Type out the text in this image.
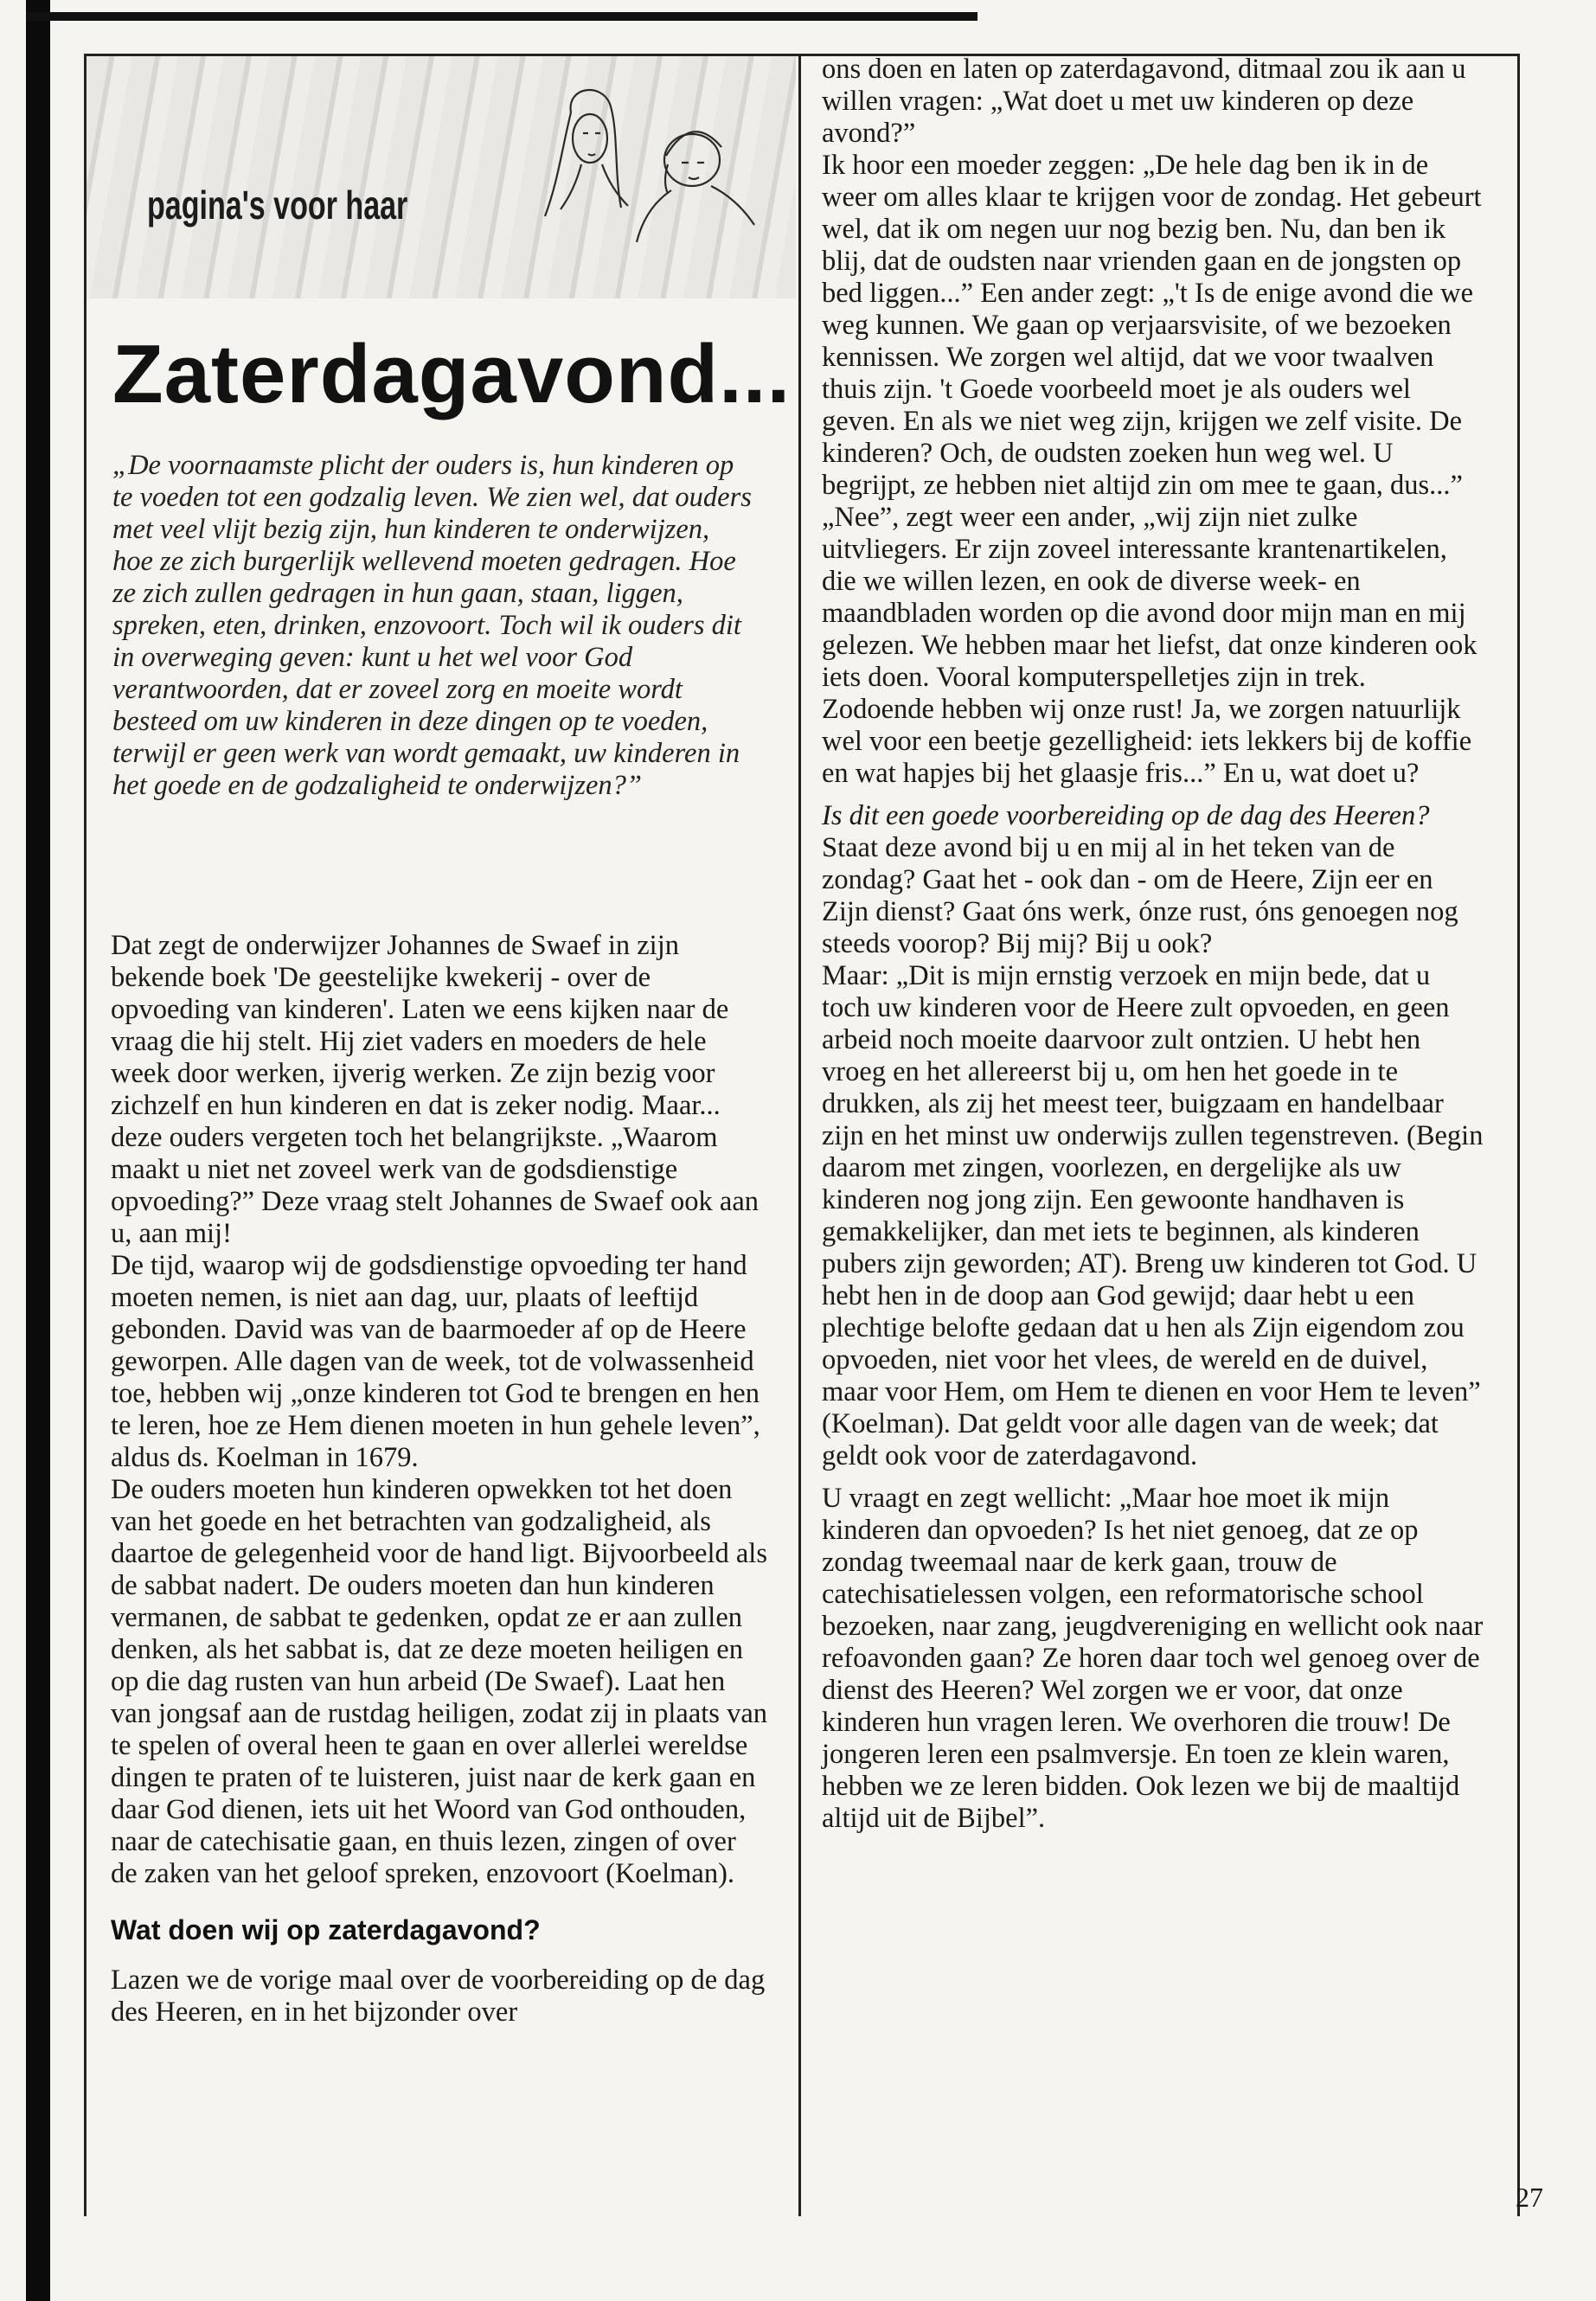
pagina's voor haar
Zaterdagavond...

„De voornaamste plicht der ouders is, hun kinderen op te voeden tot een godzalig leven. We zien wel, dat ouders met veel vlijt bezig zijn, hun kinderen te onderwijzen, hoe ze zich burgerlijk wellevend moeten gedragen. Hoe ze zich zullen gedragen in hun gaan, staan, liggen, spreken, eten, drinken, enzovoort. Toch wil ik ouders dit in overweging geven: kunt u het wel voor God verantwoorden, dat er zoveel zorg en moeite wordt besteed om uw kinderen in deze dingen op te voeden, terwijl er geen werk van wordt gemaakt, uw kinderen in het goede en de godzaligheid te onderwijzen?”

Dat zegt de onderwijzer Johannes de Swaef in zijn bekende boek 'De geestelijke kwekerij - over de opvoeding van kinderen'. Laten we eens kijken naar de vraag die hij stelt. Hij ziet vaders en moeders de hele week door werken, ijverig werken. Ze zijn bezig voor zichzelf en hun kinderen en dat is zeker nodig. Maar... deze ouders vergeten toch het belangrijkste. „Waarom maakt u niet net zoveel werk van de godsdienstige opvoeding?” Deze vraag stelt Johannes de Swaef ook aan u, aan mij!

De tijd, waarop wij de godsdienstige opvoeding ter hand moeten nemen, is niet aan dag, uur, plaats of leeftijd gebonden. David was van de baarmoeder af op de Heere geworpen. Alle dagen van de week, tot de volwassenheid toe, hebben wij „onze kinderen tot God te brengen en hen te leren, hoe ze Hem dienen moeten in hun gehele leven”, aldus ds. Koelman in 1679.

De ouders moeten hun kinderen opwekken tot het doen van het goede en het betrachten van godzaligheid, als daartoe de gelegenheid voor de hand ligt. Bijvoorbeeld als de sabbat nadert. De ouders moeten dan hun kinderen vermanen, de sabbat te gedenken, opdat ze er aan zullen denken, als het sabbat is, dat ze deze moeten heiligen en op die dag rusten van hun arbeid (De Swaef). Laat hen van jongsaf aan de rustdag heiligen, zodat zij in plaats van te spelen of overal heen te gaan en over allerlei wereldse dingen te praten of te luisteren, juist naar de kerk gaan en daar God dienen, iets uit het Woord van God onthouden, naar de catechisatie gaan, en thuis lezen, zingen of over de zaken van het geloof spreken, enzovoort (Koelman).

Wat doen wij op zaterdagavond?

Lazen we de vorige maal over de voorbereiding op de dag des Heeren, en in het bijzonder over

ons doen en laten op zaterdagavond, ditmaal zou ik aan u willen vragen: „Wat doet u met uw kinderen op deze avond?”

Ik hoor een moeder zeggen: „De hele dag ben ik in de weer om alles klaar te krijgen voor de zondag. Het gebeurt wel, dat ik om negen uur nog bezig ben. Nu, dan ben ik blij, dat de oudsten naar vrienden gaan en de jongsten op bed liggen...” Een ander zegt: „'t Is de enige avond die we weg kunnen. We gaan op verjaarsvisite, of we bezoeken kennissen. We zorgen wel altijd, dat we voor twaalven thuis zijn. 't Goede voorbeeld moet je als ouders wel geven. En als we niet weg zijn, krijgen we zelf visite. De kinderen? Och, de oudsten zoeken hun weg wel. U begrijpt, ze hebben niet altijd zin om mee te gaan, dus...”

„Nee”, zegt weer een ander, „wij zijn niet zulke uitvliegers. Er zijn zoveel interessante krantenartikelen, die we willen lezen, en ook de diverse week- en maandbladen worden op die avond door mijn man en mij gelezen. We hebben maar het liefst, dat onze kinderen ook iets doen. Vooral komputerspelletjes zijn in trek. Zodoende hebben wij onze rust! Ja, we zorgen natuurlijk wel voor een beetje gezelligheid: iets lekkers bij de koffie en wat hapjes bij het glaasje fris...” En u, wat doet u?

Is dit een goede voorbereiding op de dag des Heeren? Staat deze avond bij u en mij al in het teken van de zondag? Gaat het - ook dan - om de Heere, Zijn eer en Zijn dienst? Gaat óns werk, ónze rust, óns genoegen nog steeds voorop? Bij mij? Bij u ook?

Maar: „Dit is mijn ernstig verzoek en mijn bede, dat u toch uw kinderen voor de Heere zult opvoeden, en geen arbeid noch moeite daarvoor zult ontzien. U hebt hen vroeg en het allereerst bij u, om hen het goede in te drukken, als zij het meest teer, buigzaam en handelbaar zijn en het minst uw onderwijs zullen tegenstreven. (Begin daarom met zingen, voorlezen, en dergelijke als uw kinderen nog jong zijn. Een gewoonte handhaven is gemakkelijker, dan met iets te beginnen, als kinderen pubers zijn geworden; AT). Breng uw kinderen tot God. U hebt hen in de doop aan God gewijd; daar hebt u een plechtige belofte gedaan dat u hen als Zijn eigendom zou opvoeden, niet voor het vlees, de wereld en de duivel, maar voor Hem, om Hem te dienen en voor Hem te leven” (Koelman). Dat geldt voor alle dagen van de week; dat geldt ook voor de zaterdagavond.

U vraagt en zegt wellicht: „Maar hoe moet ik mijn kinderen dan opvoeden? Is het niet genoeg, dat ze op zondag tweemaal naar de kerk gaan, trouw de catechisatielessen volgen, een reformatorische school bezoeken, naar zang, jeugdvereniging en wellicht ook naar refoavonden gaan? Ze horen daar toch wel genoeg over de dienst des Heeren? Wel zorgen we er voor, dat onze kinderen hun vragen leren. We overhoren die trouw! De jongeren leren een psalmversje. En toen ze klein waren, hebben we ze leren bidden. Ook lezen we bij de maaltijd altijd uit de Bijbel”.

27
